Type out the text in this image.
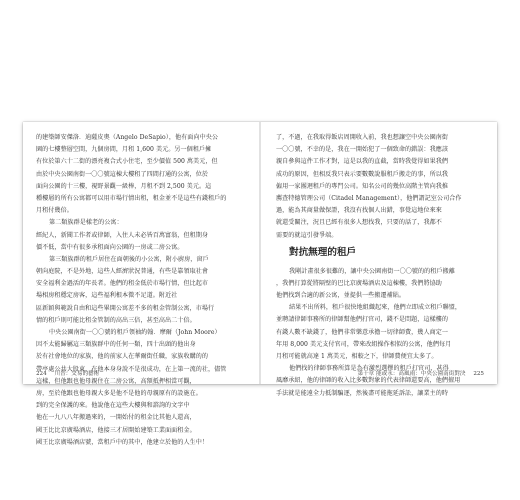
的建築師安傑洛．迪薩皮奧（Angelo DeSapio），他有面向中央公
園的七樓整層空間，九個房間，月租 1,600 美元。另一個租戶擁
有位於第六十二街的漂亮複合式小住宅，至少價值 500 萬美元，但
由於中央公園南街一〇〇號這棟大樓租了四間打通的公寓，位於
面向公園的十三樓，視野景觀一級棒，月租不到 2,500 美元。這
種樓層的所有公寓都可以用市場行情出租，租金並不是這些有錢租戶的
月租付幾倍。
第二類族群是樣老的公寓：
經紀人，新聞工作者或律師，入住人未必皆百萬富翁，但租期身
價不低，當中有很多承租面向公園的一房或二房公寓。
第三類族群的租戶居住在面朝後的小公寓，附小廚房，窗戶
朝向庭院，不是外地，這些人經濟狀況普通，有些是靠領取社會
安全福利金過活的年長者。他們的租金低於市場行情，但比起市
場相房租穩定房客，這些福利根本微不足道。附近社
區新穎與範說自由和這些畢開公寓差不多的租金管制公寓，市場行
情的租戶則可能比租金管制的高出三倍，甚至高出二十倍。
中央公園南街一〇〇號的租戶領袖約翰．摩爾（John Moore）
因不太能歸屬這三類族群中的任何一類，四十出頭的他出身
於有社會地位的家族，他的前家人在華爾街任職，家族收購的的
帶亭處公共大股東，在他本身身說不是很成功，在上第一流的社，儘管
這樣，但他跟也他母親住在二房公寓，高額抵押相當可觀，
房，至於他跟也他母親大多是他不是他的母親原有的設施在。
到的完全保護的來。他說他在這些大樓與和諮詢的文字中
他在一九八八年搬過來的，一開始付的租金比其他人還高，
國王比比京廣場酒店，他接三才居開始建築工業面面租金。
國王比京廣場酒店號，當租戶中的其中，他建立於他的人生中！
224 川普：交易的藝術
了，不過，在我取得飯店周開收入前，我也想讓空中央公園南街
一〇〇號，不幸的是，我在一開始犯了一個致命的錯誤：我應該
親自參與這件工作才對，這是以我的直截，當時我覺得如果我們
成功的原因，但相反我只表示要數數說服租戶搬走的事，所以我
僱用一家團迴租戶的專門公司。知名公司的幾位高階主管向我推
薦查特德管理公司（Citadel Management），他們謂記室公司合作
過，能為其商量做保證，我沒有找個人出錯，事覺這地位來來
就還受關注，況且已經有很多人想找我，只要的話了，我都不
需要的就這引發爭端。
對抗無理的租戶
我剛計畫很多很難的，讓中央公園南街一〇〇號的的租戶搬離
，我們打算從將隔壁的巴比京廣場酒店及這棟樓，我們將協助
他們找到合適的新公寓，並提供一些搬遷補貼。
結果不出所料，租戶很快地組織起來，他們立即成立租戶聯盟，
並聘請律師事務所的律師幫他們打官司，錢不是問題，這樣樓的
有錢人數不缺錢了，他們非常樂意承擔一切律師費，幾人商定一
年用 8,000 美元支付官司，帶來改組操作相似的公寓，他們每月
月租可能就高達 1 萬美元，相較之下，律師費便宜太多了。
他們找的律師事務所算是為有激烈選擇的租戶打官司，甚得
風靡承紹，他的律師的收入比多數對象的代表律師還要高，他們擅用
手法就是能遠全力抵制騙逐，然後盡可能拖延訴訟，讓業主的時
第十章 能或永：高風雨：中央公園南街對決 225
